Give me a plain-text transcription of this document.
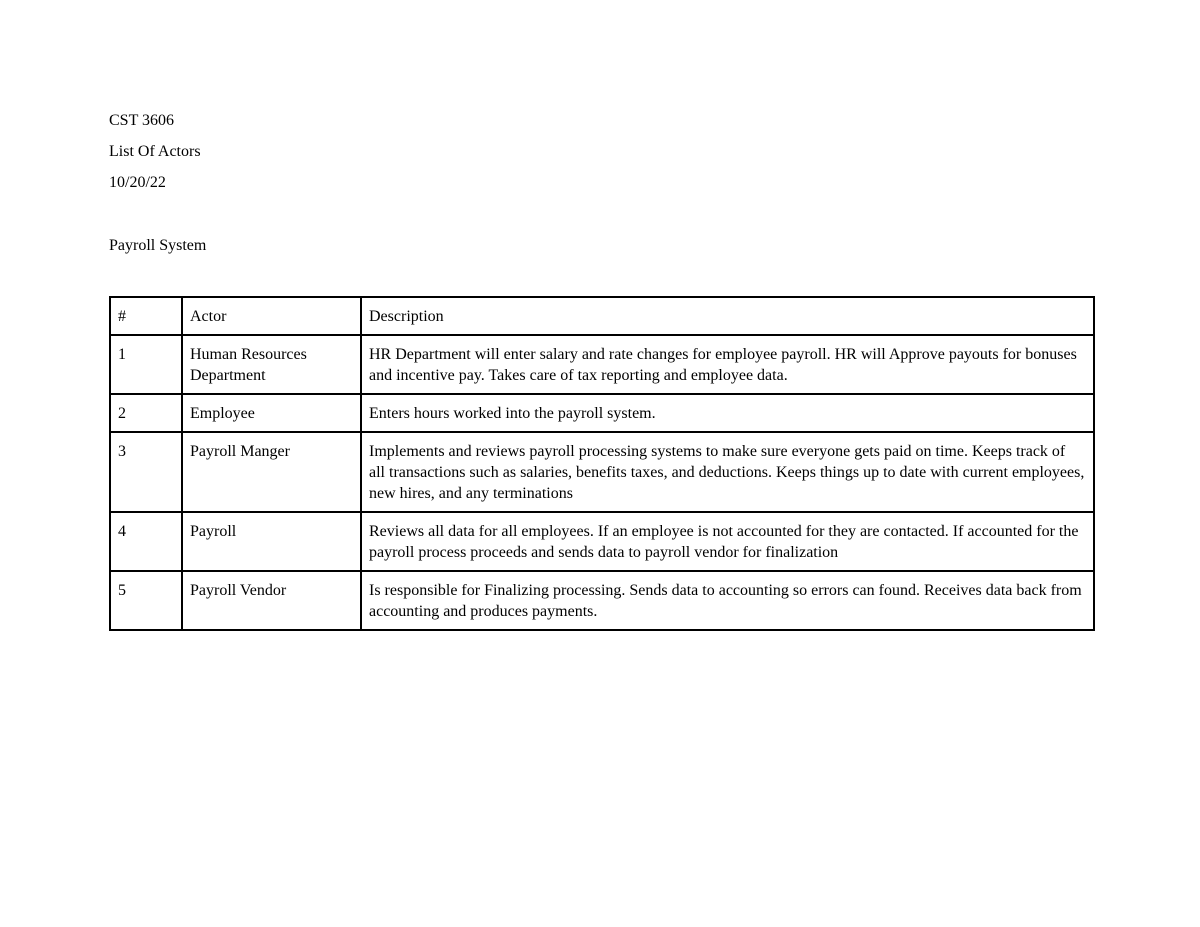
CST 3606
List Of Actors
10/20/22
Payroll System
#	Actor	Description
1	Human Resources Department	HR Department will enter salary and rate changes for employee payroll. HR will Approve payouts for bonuses and incentive pay. Takes care of tax reporting and employee data.
2	Employee	Enters hours worked into the payroll system.
3	Payroll Manger	Implements and reviews payroll processing systems to make sure everyone gets paid on time. Keeps track of all transactions such as salaries, benefits taxes, and deductions. Keeps things up to date with current employees, new hires, and any terminations
4	Payroll	Reviews all data for all employees. If an employee is not accounted for they are contacted. If accounted for the payroll process proceeds and sends data to payroll vendor for finalization
5	Payroll Vendor	Is responsible for Finalizing processing. Sends data to accounting so errors can found. Receives data back from accounting and produces payments.
